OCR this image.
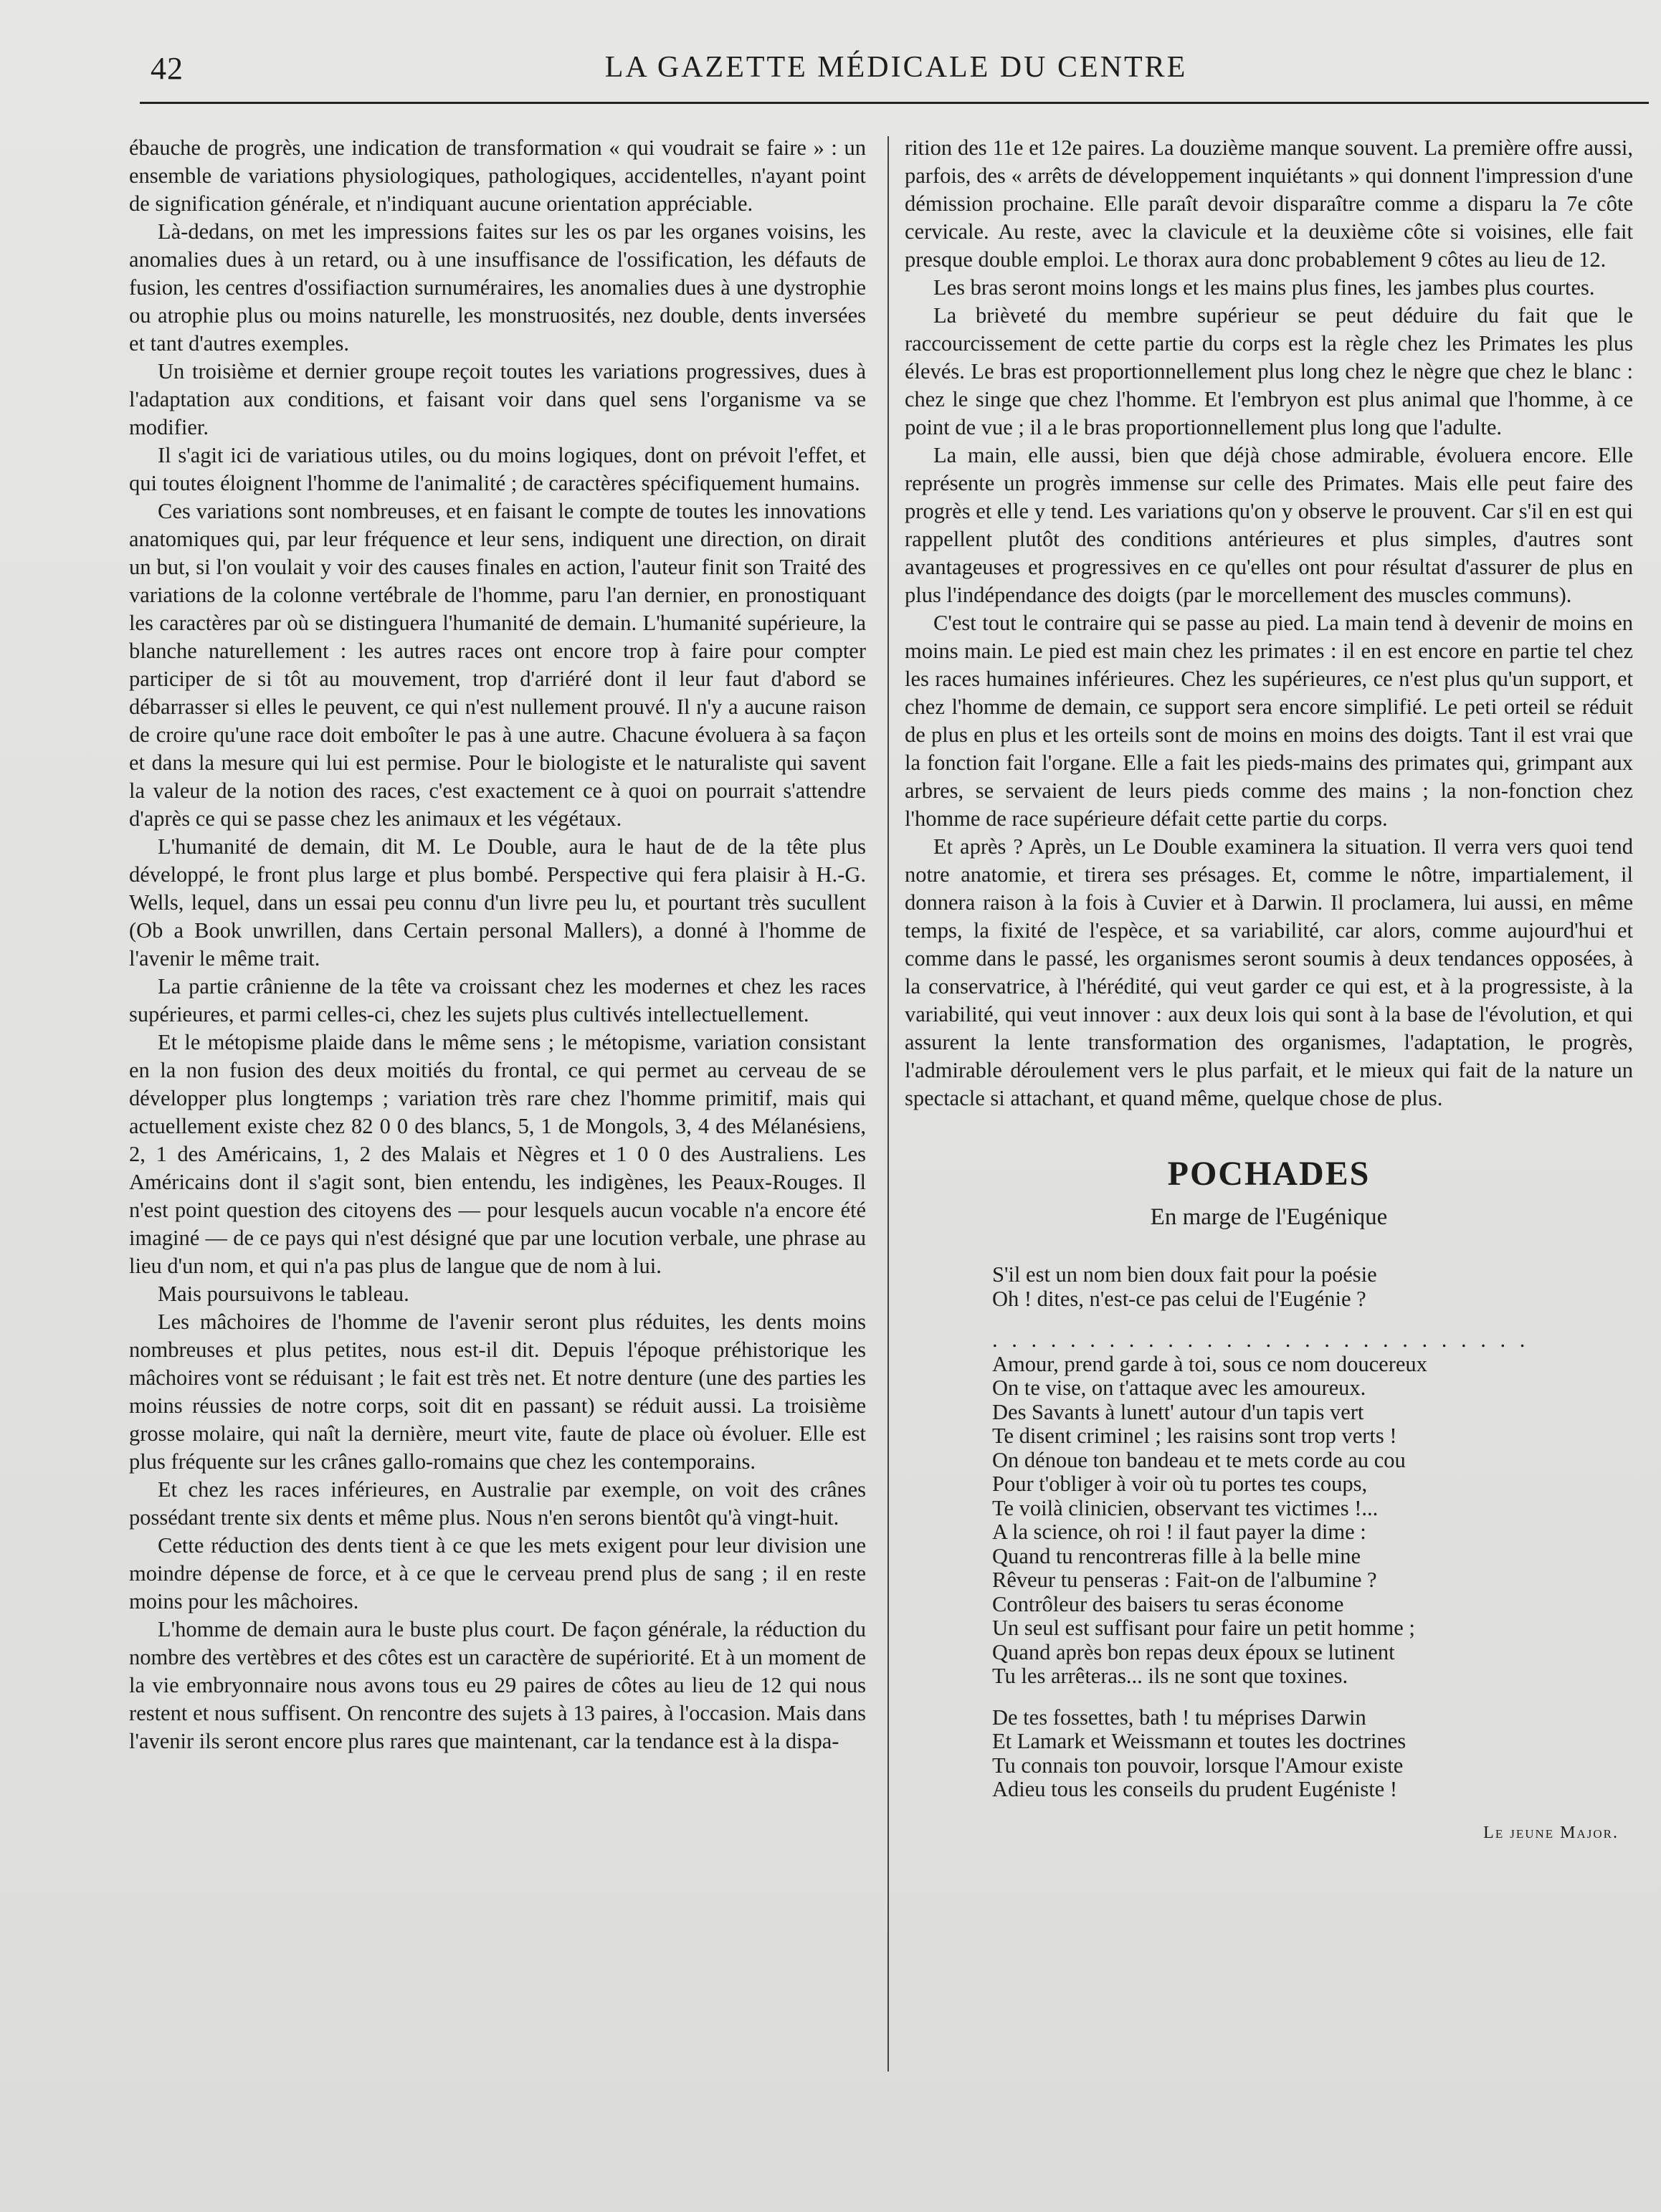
42	LA GAZETTE MÉDICALE DU CENTRE

ébauche de progrès, une indication de transformation « qui voudrait se faire » : un ensemble de variations physiologiques, pathologiques, accidentelles, n'ayant point de signification générale, et n'indiquant aucune orientation appréciable.

Là-dedans, on met les impressions faites sur les os par les organes voisins, les anomalies dues à un retard, ou à une insuffisance de l'ossification, les défauts de fusion, les centres d'ossifiaction surnuméraires, les anomalies dues à une dystrophie ou atrophie plus ou moins naturelle, les monstruosités, nez double, dents inversées et tant d'autres exemples.

Un troisième et dernier groupe reçoit toutes les variations progressives, dues à l'adaptation aux conditions, et faisant voir dans quel sens l'organisme va se modifier.

Il s'agit ici de variatious utiles, ou du moins logiques, dont on prévoit l'effet, et qui toutes éloignent l'homme de l'animalité ; de caractères spécifiquement humains.

Ces variations sont nombreuses, et en faisant le compte de toutes les innovations anatomiques qui, par leur fréquence et leur sens, indiquent une direction, on dirait un but, si l'on voulait y voir des causes finales en action, l'auteur finit son Traité des variations de la colonne vertébrale de l'homme, paru l'an dernier, en pronostiquant les caractères par où se distinguera l'humanité de demain. L'humanité supérieure, la blanche naturellement : les autres races ont encore trop à faire pour compter participer de si tôt au mouvement, trop d'arriéré dont il leur faut d'abord se débarrasser si elles le peuvent, ce qui n'est nullement prouvé. Il n'y a aucune raison de croire qu'une race doit emboîter le pas à une autre. Chacune évoluera à sa façon et dans la mesure qui lui est permise. Pour le biologiste et le naturaliste qui savent la valeur de la notion des races, c'est exactement ce à quoi on pourrait s'attendre d'après ce qui se passe chez les animaux et les végétaux.

L'humanité de demain, dit M. Le Double, aura le haut de de la tête plus développé, le front plus large et plus bombé. Perspective qui fera plaisir à H.-G. Wells, lequel, dans un essai peu connu d'un livre peu lu, et pourtant très sucullent (Ob a Book unwrillen, dans Certain personal Mallers), a donné à l'homme de l'avenir le même trait.

La partie crânienne de la tête va croissant chez les modernes et chez les races supérieures, et parmi celles-ci, chez les sujets plus cultivés intellectuellement.

Et le métopisme plaide dans le même sens ; le métopisme, variation consistant en la non fusion des deux moitiés du frontal, ce qui permet au cerveau de se développer plus longtemps ; variation très rare chez l'homme primitif, mais qui actuellement existe chez 82 0 0 des blancs, 5, 1 de Mongols, 3, 4 des Mélanésiens, 2, 1 des Américains, 1, 2 des Malais et Nègres et 1 0 0 des Australiens. Les Américains dont il s'agit sont, bien entendu, les indigènes, les Peaux-Rouges. Il n'est point question des citoyens des — pour lesquels aucun vocable n'a encore été imaginé — de ce pays qui n'est désigné que par une locution verbale, une phrase au lieu d'un nom, et qui n'a pas plus de langue que de nom à lui.

Mais poursuivons le tableau.

Les mâchoires de l'homme de l'avenir seront plus réduites, les dents moins nombreuses et plus petites, nous est-il dit. Depuis l'époque préhistorique les mâchoires vont se réduisant ; le fait est très net. Et notre denture (une des parties les moins réussies de notre corps, soit dit en passant) se réduit aussi. La troisième grosse molaire, qui naît la dernière, meurt vite, faute de place où évoluer. Elle est plus fréquente sur les crânes gallo-romains que chez les contemporains.

Et chez les races inférieures, en Australie par exemple, on voit des crânes possédant trente six dents et même plus. Nous n'en serons bientôt qu'à vingt-huit.

Cette réduction des dents tient à ce que les mets exigent pour leur division une moindre dépense de force, et à ce que le cerveau prend plus de sang ; il en reste moins pour les mâchoires.

L'homme de demain aura le buste plus court. De façon générale, la réduction du nombre des vertèbres et des côtes est un caractère de supériorité. Et à un moment de la vie embryonnaire nous avons tous eu 29 paires de côtes au lieu de 12 qui nous restent et nous suffisent. On rencontre des sujets à 13 paires, à l'occasion. Mais dans l'avenir ils seront encore plus rares que maintenant, car la tendance est à la dispa-

rition des 11e et 12e paires. La douzième manque souvent. La première offre aussi, parfois, des « arrêts de développement inquiétants » qui donnent l'impression d'une démission prochaine. Elle paraît devoir disparaître comme a disparu la 7e côte cervicale. Au reste, avec la clavicule et la deuxième côte si voisines, elle fait presque double emploi. Le thorax aura donc probablement 9 côtes au lieu de 12.

Les bras seront moins longs et les mains plus fines, les jambes plus courtes.

La brièveté du membre supérieur se peut déduire du fait que le raccourcissement de cette partie du corps est la règle chez les Primates les plus élevés. Le bras est proportionnellement plus long chez le nègre que chez le blanc : chez le singe que chez l'homme. Et l'embryon est plus animal que l'homme, à ce point de vue ; il a le bras proportionnellement plus long que l'adulte.

La main, elle aussi, bien que déjà chose admirable, évoluera encore. Elle représente un progrès immense sur celle des Primates. Mais elle peut faire des progrès et elle y tend. Les variations qu'on y observe le prouvent. Car s'il en est qui rappellent plutôt des conditions antérieures et plus simples, d'autres sont avantageuses et progressives en ce qu'elles ont pour résultat d'assurer de plus en plus l'indépendance des doigts (par le morcellement des muscles communs).

C'est tout le contraire qui se passe au pied. La main tend à devenir de moins en moins main. Le pied est main chez les primates : il en est encore en partie tel chez les races humaines inférieures. Chez les supérieures, ce n'est plus qu'un support, et chez l'homme de demain, ce support sera encore simplifié. Le peti orteil se réduit de plus en plus et les orteils sont de moins en moins des doigts. Tant il est vrai que la fonction fait l'organe. Elle a fait les pieds-mains des primates qui, grimpant aux arbres, se servaient de leurs pieds comme des mains ; la non-fonction chez l'homme de race supérieure défait cette partie du corps.

Et après ? Après, un Le Double examinera la situation. Il verra vers quoi tend notre anatomie, et tirera ses présages. Et, comme le nôtre, impartialement, il donnera raison à la fois à Cuvier et à Darwin. Il proclamera, lui aussi, en même temps, la fixité de l'espèce, et sa variabilité, car alors, comme aujourd'hui et comme dans le passé, les organismes seront soumis à deux tendances opposées, à la conservatrice, à l'hérédité, qui veut garder ce qui est, et à la progressiste, à la variabilité, qui veut innover : aux deux lois qui sont à la base de l'évolution, et qui assurent la lente transformation des organismes, l'adaptation, le progrès, l'admirable déroulement vers le plus parfait, et le mieux qui fait de la nature un spectacle si attachant, et quand même, quelque chose de plus.

POCHADES
En marge de l'Eugénique
S'il est un nom bien doux fait pour la poésie
Oh ! dites, n'est-ce pas celui de l'Eugénie ?
. . . . . . . . . . . . . . . . . . . . . . . . . . . .
Amour, prend garde à toi, sous ce nom doucereux
On te vise, on t'attaque avec les amoureux.
Des Savants à lunett' autour d'un tapis vert
Te disent criminel ; les raisins sont trop verts !
On dénoue ton bandeau et te mets corde au cou
Pour t'obliger à voir où tu portes tes coups,
Te voilà clinicien, observant tes victimes !...
A la science, oh roi ! il faut payer la dime :
Quand tu rencontreras fille à la belle mine
Rêveur tu penseras : Fait-on de l'albumine ?
Contrôleur des baisers tu seras économe
Un seul est suffisant pour faire un petit homme ;
Quand après bon repas deux époux se lutinent
Tu les arrêteras... ils ne sont que toxines.
De tes fossettes, bath ! tu méprises Darwin
Et Lamark et Weissmann et toutes les doctrines
Tu connais ton pouvoir, lorsque l'Amour existe
Adieu tous les conseils du prudent Eugéniste !
Le jeune Major.
